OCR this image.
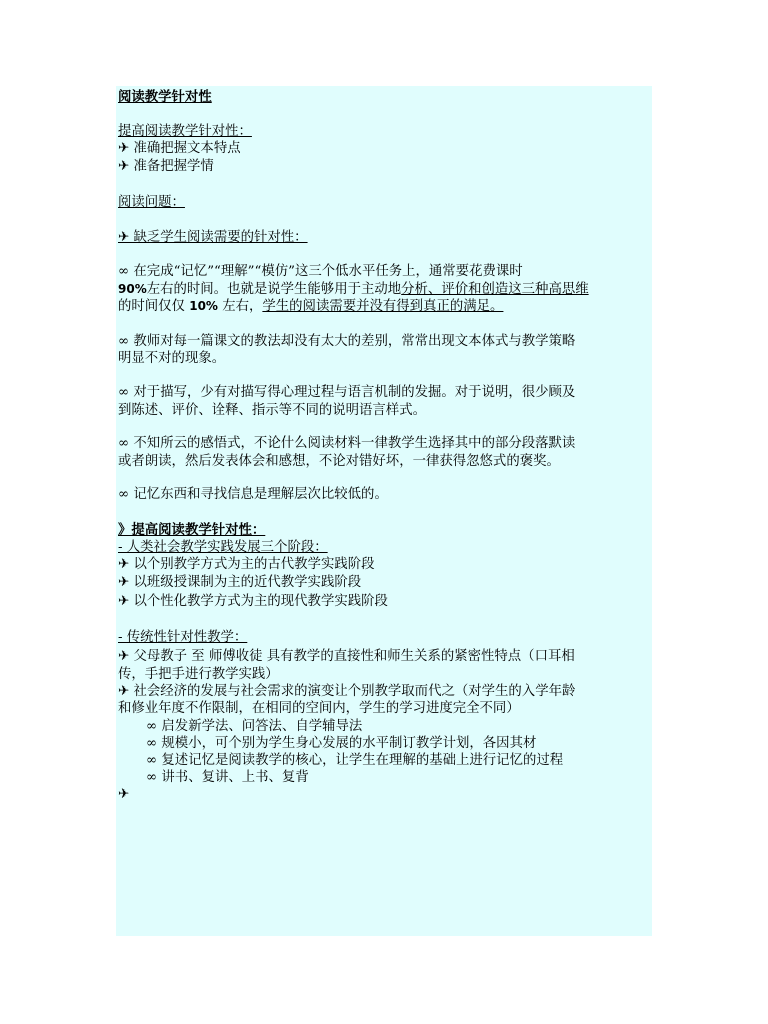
阅读教学针对性
提高阅读教学针对性：
✈ 准确把握文本特点
✈ 准备把握学情
阅读问题：
✈ 缺乏学生阅读需要的针对性：
∞ 在完成“记忆”“理解”“模仿”这三个低水平任务上，通常要花费课时
90%左右的时间。也就是说学生能够用于主动地分析、评价和创造这三种高思维
的时间仅仅 10% 左右，学生的阅读需要并没有得到真正的满足。
∞ 教师对每一篇课文的教法却没有太大的差别，常常出现文本体式与教学策略
明显不对的现象。
∞ 对于描写，少有对描写得心理过程与语言机制的发掘。对于说明，很少顾及
到陈述、评价、诠释、指示等不同的说明语言样式。
∞ 不知所云的感悟式，不论什么阅读材料一律教学生选择其中的部分段落默读
或者朗读，然后发表体会和感想，不论对错好坏，一律获得忽悠式的褒奖。
∞ 记忆东西和寻找信息是理解层次比较低的。
》提高阅读教学针对性：
- 人类社会教学实践发展三个阶段：
✈ 以个别教学方式为主的古代教学实践阶段
✈ 以班级授课制为主的近代教学实践阶段
✈ 以个性化教学方式为主的现代教学实践阶段
- 传统性针对性教学：
✈ 父母教子 至 师傅收徒 具有教学的直接性和师生关系的紧密性特点（口耳相
传，手把手进行教学实践）
✈ 社会经济的发展与社会需求的演变让个别教学取而代之（对学生的入学年龄
和修业年度不作限制，在相同的空间内，学生的学习进度完全不同）
∞ 启发新学法、问答法、自学辅导法
∞ 规模小，可个别为学生身心发展的水平制订教学计划，各因其材
∞ 复述记忆是阅读教学的核心，让学生在理解的基础上进行记忆的过程
∞ 讲书、复讲、上书、复背
✈
